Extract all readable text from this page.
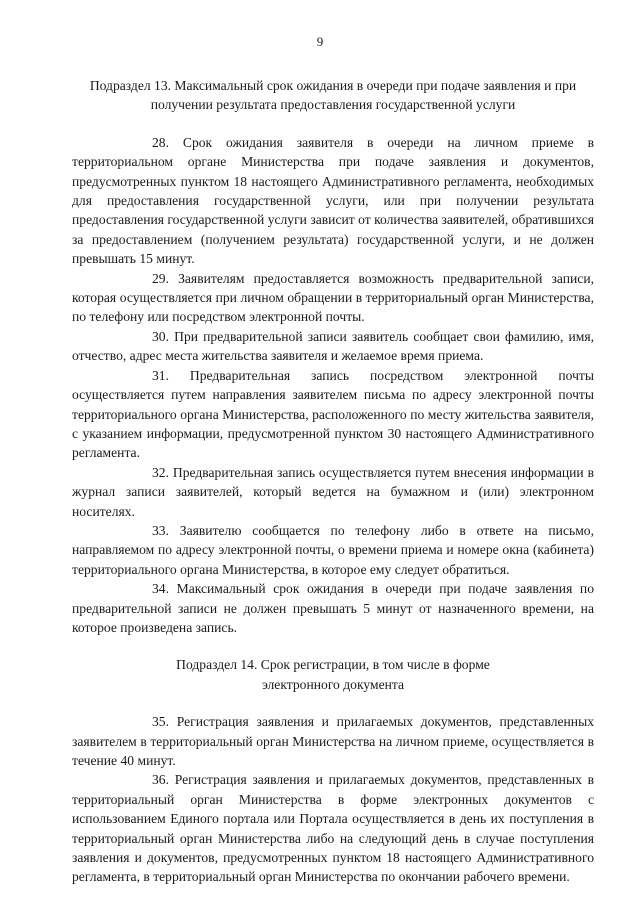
9

Подраздел 13. Максимальный срок ожидания в очереди при подаче заявления и при получении результата предоставления государственной услуги

28. Срок ожидания заявителя в очереди на личном приеме в территориальном органе Министерства при подаче заявления и документов, предусмотренных пунктом 18 настоящего Административного регламента, необходимых для предоставления государственной услуги, или при получении результата предоставления государственной услуги зависит от количества заявителей, обратившихся за предоставлением (получением результата) государственной услуги, и не должен превышать 15 минут.

29. Заявителям предоставляется возможность предварительной записи, которая осуществляется при личном обращении в территориальный орган Министерства, по телефону или посредством электронной почты.

30. При предварительной записи заявитель сообщает свои фамилию, имя, отчество, адрес места жительства заявителя и желаемое время приема.

31. Предварительная запись посредством электронной почты осуществляется путем направления заявителем письма по адресу электронной почты территориального органа Министерства, расположенного по месту жительства заявителя, с указанием информации, предусмотренной пунктом 30 настоящего Административного регламента.

32. Предварительная запись осуществляется путем внесения информации в журнал записи заявителей, который ведется на бумажном и (или) электронном носителях.

33. Заявителю сообщается по телефону либо в ответе на письмо, направляемом по адресу электронной почты, о времени приема и номере окна (кабинета) территориального органа Министерства, в которое ему следует обратиться.

34. Максимальный срок ожидания в очереди при подаче заявления по предварительной записи не должен превышать 5 минут от назначенного времени, на которое произведена запись.

Подраздел 14. Срок регистрации, в том числе в форме электронного документа

35. Регистрация заявления и прилагаемых документов, представленных заявителем в территориальный орган Министерства на личном приеме, осуществляется в течение 40 минут.

36. Регистрация заявления и прилагаемых документов, представленных в территориальный орган Министерства в форме электронных документов с использованием Единого портала или Портала осуществляется в день их поступления в территориальный орган Министерства либо на следующий день в случае поступления заявления и документов, предусмотренных пунктом 18 настоящего Административного регламента, в территориальный орган Министерства по окончании рабочего времени.
